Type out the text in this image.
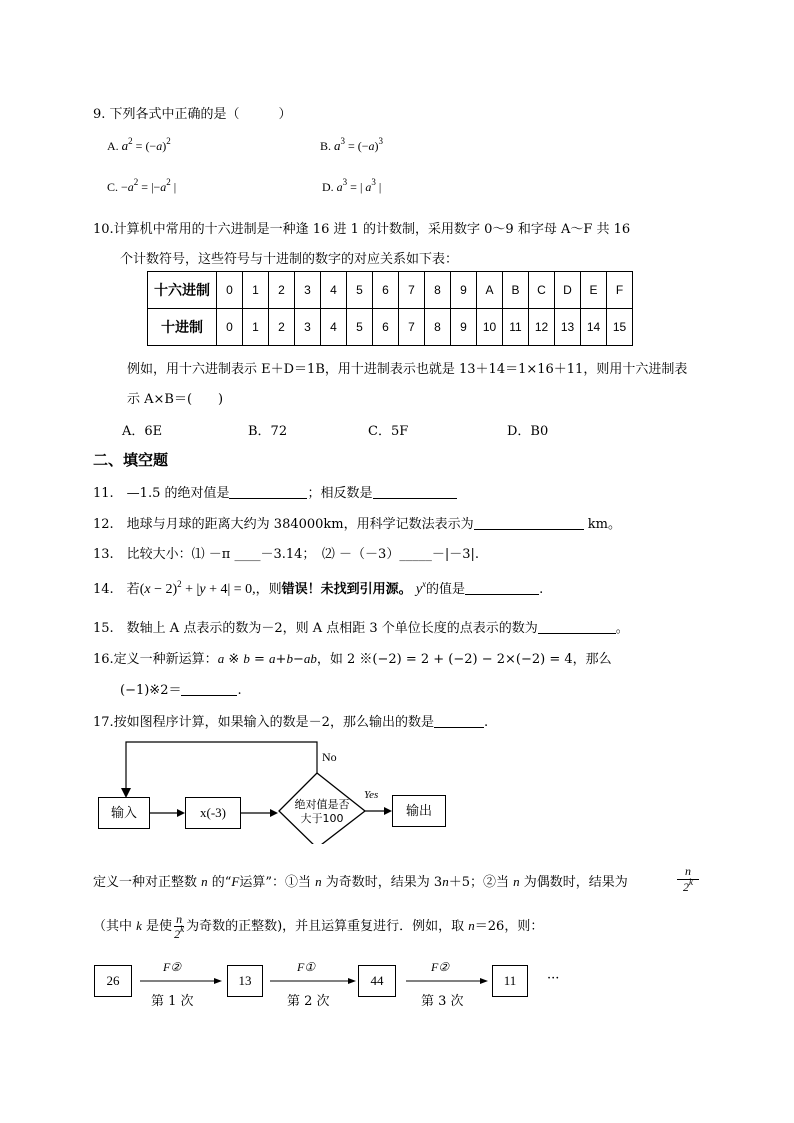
9. 下列各式中正确的是（　　　）
A. $a^2 = (-a)^2$	B. $a^3 = (-a)^3$
C. $-a^2 = |-a^2$ |	D. $a^3$ = | $a^3$ |
10.计算机中常用的十六进制是一种逢 16 进 1 的计数制，采用数字 0～9 和字母 A～F 共 16
个计数符号，这些符号与十进制的数字的对应关系如下表：
十六进制	0	1	2	3	4	5	6	7	8	9	A	B	C	D	E	F
十进制	0	1	2	3	4	5	6	7	8	9	10	11	12	13	14	15
例如，用十六进制表示 E＋D＝1B，用十进制表示也就是 13＋14＝1×16＋11，则用十六进制表
示 A×B＝(　　)
A．6E	B．72	C．5F	D．B0
二、填空题
11.　—1.5 的绝对值是	；相反数是
12.　地球与月球的距离大约为 384000km，用科学记数法表示为	km。
13.　比较大小：⑴ －π ____－3.14；　⑵ －（－3）_____－|－3|.
14.　若$(x - 2)^2 + |y + 4| = 0$,，则错误！未找到引用源。 $y^x$的值是	.
15.　数轴上 A 点表示的数为－2，则 A 点相距 3 个单位长度的点表示的数为	。
16.定义一种新运算：a ※ b = a+b−ab，如 2 ※(−2) = 2 + (−2) − 2×(−2) = 4，那么
(−1)※2＝	.
17.按如图程序计算，如果输入的数是－2，那么输出的数是	.
输入	x(-3)
绝对值是否
大于100
输出
Yes
No
定义一种对正整数 n 的“F运算”：①当 n 为奇数时，结果为 3n＋5；②当 n 为偶数时，结果为
n
2$^k$
（其中 k 是使 $\frac{n}{2^k}$ 为奇数的正整数)，并且运算重复进行．例如，取 n＝26，则：
26	13	44	11
F②
第 1 次
F①
第 2 次
F②
第 3 次
···
